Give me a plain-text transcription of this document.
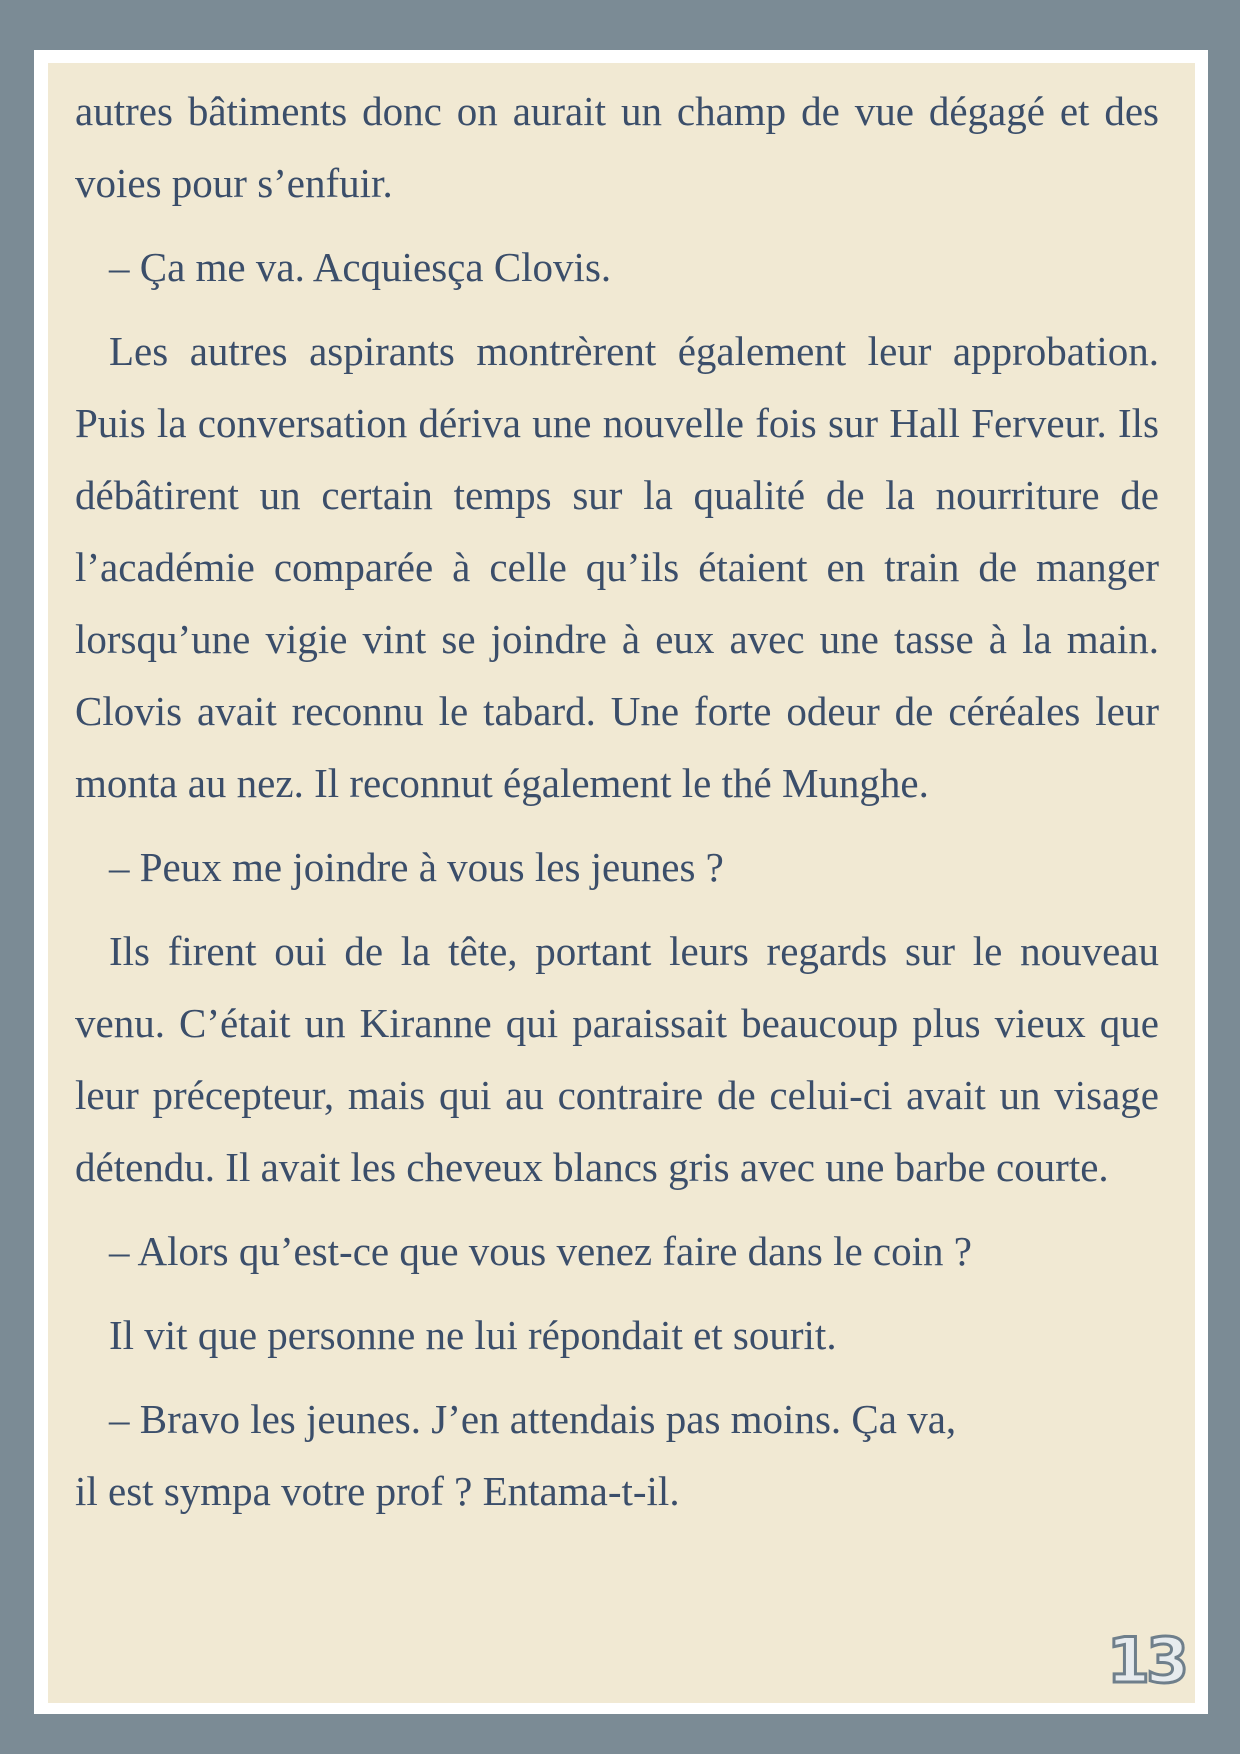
autres bâtiments donc on aurait un champ de vue dégagé et des voies pour s’enfuir.

– Ça me va. Acquiesça Clovis.

Les autres aspirants montrèrent également leur approbation. Puis la conversation dériva une nouvelle fois sur Hall Ferveur. Ils débâtirent un certain temps sur la qualité de la nourriture de l’académie comparée à celle qu’ils étaient en train de manger lorsqu’une vigie vint se joindre à eux avec une tasse à la main. Clovis avait reconnu le tabard. Une forte odeur de céréales leur monta au nez. Il reconnut également le thé Munghe.

– Peux me joindre à vous les jeunes ?

Ils firent oui de la tête, portant leurs regards sur le nouveau venu. C’était un Kiranne qui paraissait beaucoup plus vieux que leur précepteur, mais qui au contraire de celui-ci avait un visage détendu. Il avait les cheveux blancs gris avec une barbe courte.

– Alors qu’est-ce que vous venez faire dans le coin ?

Il vit que personne ne lui répondait et sourit.

– Bravo les jeunes. J’en attendais pas moins. Ça va,
il est sympa votre prof ? Entama-t-il.

13
